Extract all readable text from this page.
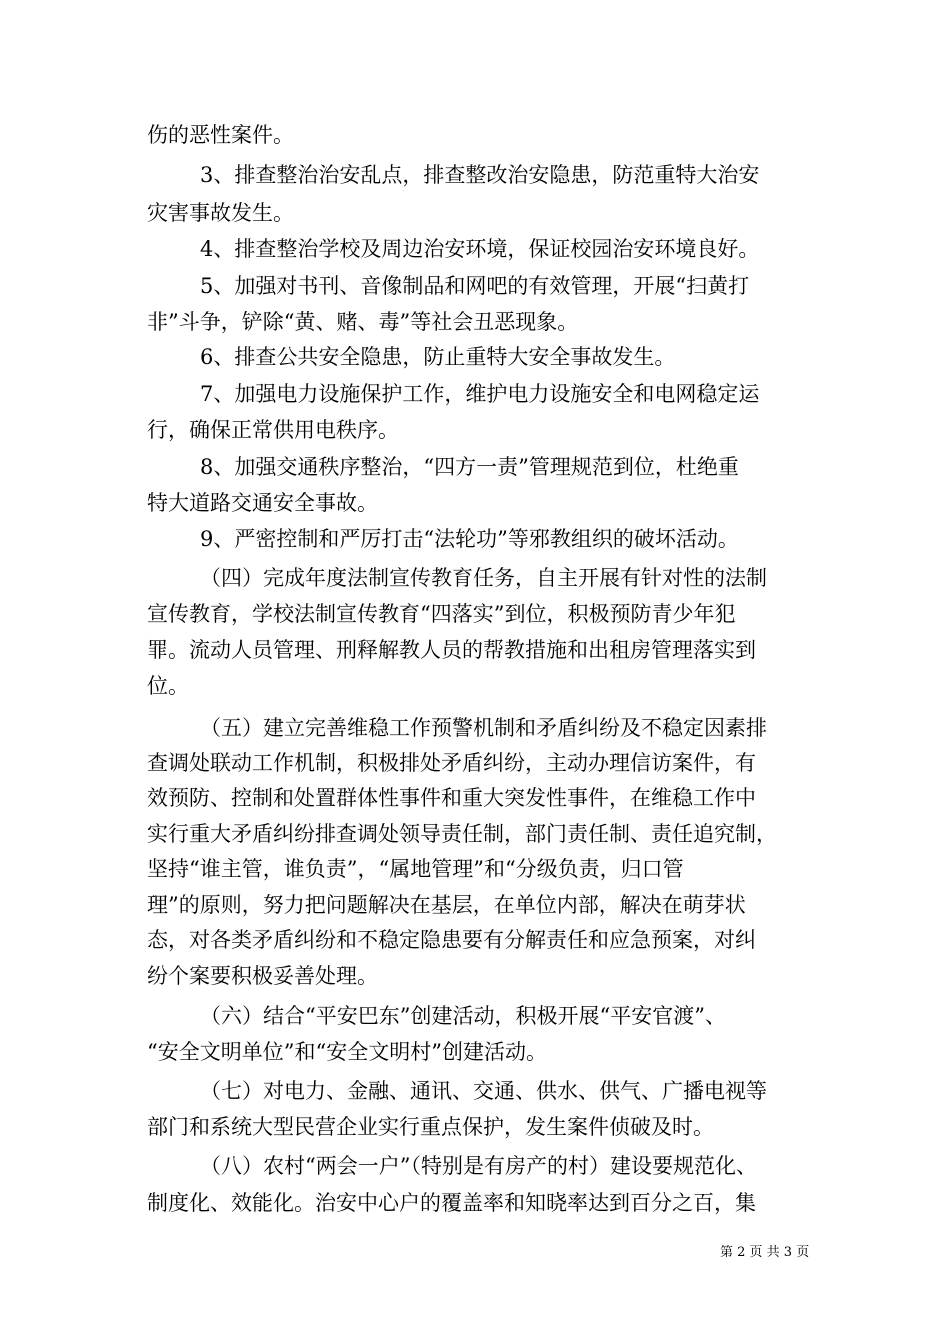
伤的恶性案件。
3、排查整治治安乱点，排查整改治安隐患，防范重特大治安
灾害事故发生。
4、排查整治学校及周边治安环境，保证校园治安环境良好。
5、加强对书刊、音像制品和网吧的有效管理，开展“扫黄打
非”斗争，铲除“黄、赌、毒”等社会丑恶现象。
6、排查公共安全隐患，防止重特大安全事故发生。
7、加强电力设施保护工作，维护电力设施安全和电网稳定运
行，确保正常供用电秩序。
8、加强交通秩序整治，“四方一责”管理规范到位，杜绝重
特大道路交通安全事故。
9、严密控制和严厉打击“法轮功”等邪教组织的破坏活动。
（四）完成年度法制宣传教育任务，自主开展有针对性的法制
宣传教育，学校法制宣传教育“四落实”到位，积极预防青少年犯
罪。流动人员管理、刑释解教人员的帮教措施和出租房管理落实到
位。
（五）建立完善维稳工作预警机制和矛盾纠纷及不稳定因素排
查调处联动工作机制，积极排处矛盾纠纷，主动办理信访案件，有
效预防、控制和处置群体性事件和重大突发性事件，在维稳工作中
实行重大矛盾纠纷排查调处领导责任制，部门责任制、责任追究制，
坚持“谁主管，谁负责”，“属地管理”和“分级负责，归口管
理”的原则，努力把问题解决在基层，在单位内部，解决在萌芽状
态，对各类矛盾纠纷和不稳定隐患要有分解责任和应急预案，对纠
纷个案要积极妥善处理。
（六）结合“平安巴东”创建活动，积极开展“平安官渡”、
“安全文明单位”和“安全文明村”创建活动。
（七）对电力、金融、通讯、交通、供水、供气、广播电视等
部门和系统大型民营企业实行重点保护，发生案件侦破及时。
（八）农村“两会一户”（特别是有房产的村）建设要规范化、
制度化、效能化。治安中心户的覆盖率和知晓率达到百分之百，集
第 2 页 共 3 页
